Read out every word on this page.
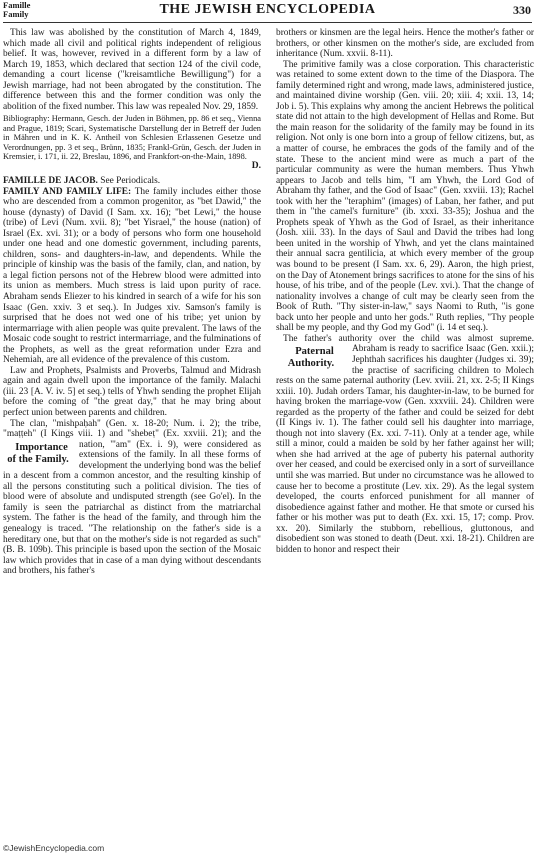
Famille
Family	THE JEWISH ENCYCLOPEDIA	330

This law was abolished by the constitution of March 4, 1849, which made all civil and political rights independent of religious belief. It was, however, revived in a different form by a law of March 19, 1853, which declared that section 124 of the civil code, demanding a court license ("kreisamtliche Bewilligung") for a Jewish marriage, had not been abrogated by the constitution. The difference between this and the former condition was only the abolition of the fixed number. This law was repealed Nov. 29, 1859.

Bibliography: Hermann, Gesch. der Juden in Böhmen, pp. 86 et seq., Vienna and Prague, 1819; Scari, Systematische Darstellung der in Betreff der Juden in Mähren und in K. K. Antheil von Schlesien Erlassenen Gesetze und Verordnungen, pp. 3 et seq., Brünn, 1835; Frankl-Grün, Gesch. der Juden in Kremsier, i. 171, ii. 22, Breslau, 1896, and Frankfort-on-the-Main, 1898.

D.

FAMILLE DE JACOB. See Periodicals.

FAMILY AND FAMILY LIFE: The family includes either those who are descended from a common progenitor, as "bet Dawid," the house (dynasty) of David (I Sam. xx. 16); "bet Lewi," the house (tribe) of Levi (Num. xvii. 8); "bet Yisrael," the house (nation) of Israel (Ex. xvi. 31); or a body of persons who form one household under one head and one domestic government, including parents, children, sons- and daughters-in-law, and dependents. While the principle of kinship was the basis of the family, clan, and nation, by a legal fiction persons not of the Hebrew blood were admitted into its union as members. Much stress is laid upon purity of race. Abraham sends Eliezer to his kindred in search of a wife for his son Isaac (Gen. xxiv. 3 et seq.). In Judges xiv. Samson's family is surprised that he does not wed one of his tribe; yet union by intermarriage with alien people was quite prevalent. The laws of the Mosaic code sought to restrict intermarriage, and the fulminations of the Prophets, as well as the great reformation under Ezra and Nehemiah, are all evidence of the prevalence of this custom.

Law and Prophets, Psalmists and Proverbs, Talmud and Midrash again and again dwell upon the importance of the family. Malachi (iii. 23 [A. V. iv. 5] et seq.) tells of Yhwh sending the prophet Elijah before the coming of "the great day," that he may bring about perfect union between parents and children.

The clan, "mishpaḥah" (Gen. x. 18-20; Num. i. 2); the tribe, "maṭṭeh" (I Kings viii. 1) and "shebeṭ" (Ex. xxviii. 21); and the nation,
Importance of the Family.
"'am" (Ex. i. 9), were considered as extensions of the family. In all these forms of development the underlying bond was the belief in a descent from a common ancestor, and the resulting kinship of all the persons constituting such a political division. The ties of blood were of absolute and undisputed strength (see Go'el). In the family is seen the patriarchal as distinct from the matriarchal system. The father is the head of the family, and through him the genealogy is traced. "The relationship on the father's side is a hereditary one, but that on the mother's side is not regarded as such" (B. B. 109b). This principle is based upon the section of the Mosaic law which provides that in case of a man dying without descendants and brothers, his father's

brothers or kinsmen are the legal heirs. Hence the mother's father or brothers, or other kinsmen on the mother's side, are excluded from inheritance (Num. xxvii. 8-11).

The primitive family was a close corporation. This characteristic was retained to some extent down to the time of the Diaspora. The family determined right and wrong, made laws, administered justice, and maintained divine worship (Gen. viii. 20; xiii. 4; xxii. 13, 14; Job i. 5). This explains why among the ancient Hebrews the political state did not attain to the high development of Hellas and Rome. But the main reason for the solidarity of the family may be found in its religion. Not only is one born into a group of fellow citizens, but, as a matter of course, he embraces the gods of the family and of the state. These to the ancient mind were as much a part of the particular community as were the human members. Thus Yhwh appears to Jacob and tells him, "I am Yhwh, the Lord God of Abraham thy father, and the God of Isaac" (Gen. xxviii. 13); Rachel took with her the "teraphim" (images) of Laban, her father, and put them in "the camel's furniture" (ib. xxxi. 33-35); Joshua and the Prophets speak of Yhwh as the God of Israel, as their inheritance (Josh. xiii. 33). In the days of Saul and David the tribes had long been united in the worship of Yhwh, and yet the clans maintained their annual sacra gentilicia, at which every member of the group was bound to be present (I Sam. xx. 6, 29). Aaron, the high priest, on the Day of Atonement brings sacrifices to atone for the sins of his house, of his tribe, and of the people (Lev. xvi.). That the change of nationality involves a change of cult may be clearly seen from the Book of Ruth. "Thy sister-in-law," says Naomi to Ruth, "is gone back unto her people and unto her gods." Ruth replies, "Thy people shall be my people, and thy God my God" (i. 14 et seq.).

The father's authority over the child was almost supreme. Abraham is ready to sacrifice Isaac (Gen.
Paternal Authority.
xxii.); Jephthah sacrifices his daughter (Judges xi. 39); the practise of sacrificing children to Molech rests on the same paternal authority (Lev. xviii. 21, xx. 2-5; II Kings xxiii. 10). Judah orders Tamar, his daughter-in-law, to be burned for having broken the marriage-vow (Gen. xxxviii. 24). Children were regarded as the property of the father and could be seized for debt (II Kings iv. 1). The father could sell his daughter into marriage, though not into slavery (Ex. xxi. 7-11). Only at a tender age, while still a minor, could a maiden be sold by her father against her will; when she had arrived at the age of puberty his paternal authority over her ceased, and could be exercised only in a sort of surveillance until she was married. But under no circumstance was he allowed to cause her to become a prostitute (Lev. xix. 29). As the legal system developed, the courts enforced punishment for all manner of disobedience against father and mother. He that smote or cursed his father or his mother was put to death (Ex. xxi. 15, 17; comp. Prov. xx. 20). Similarly the stubborn, rebellious, gluttonous, and disobedient son was stoned to death (Deut. xxi. 18-21). Children are bidden to honor and respect their

©JewishEncyclopedia.com
